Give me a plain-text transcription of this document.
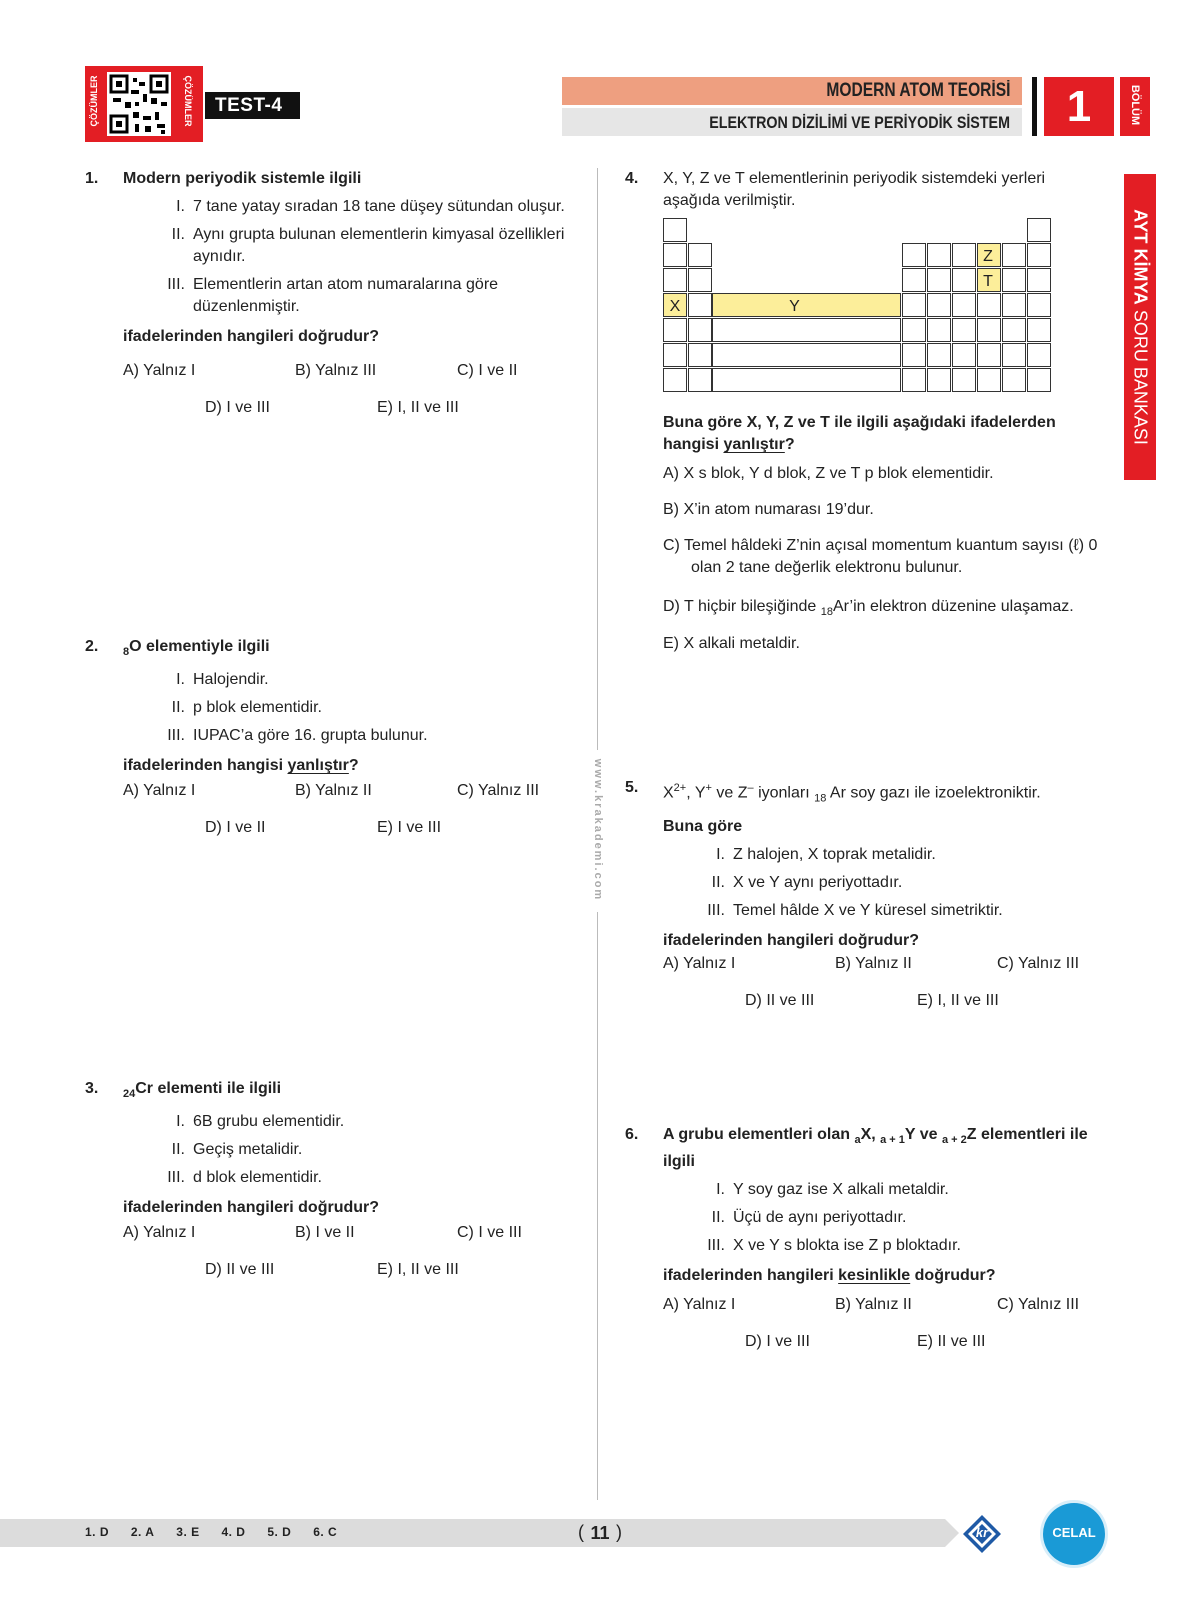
ÇÖZÜMLER	ÇÖZÜMLER	TEST-4
MODERN ATOM TEORİSİ
ELEKTRON DİZİLİMİ VE PERİYODİK SİSTEM	1	BÖLÜM
AYT KİMYA SORU BANKASI
www.krakademi.com
1. Modern periyodik sistemle ilgili
I . 7 tane yatay sıradan 18 tane düşey sütundan oluşur.
II . Aynı grupta bulunan elementlerin kimyasal özellikleri aynıdır.
III . Elementlerin artan atom numaralarına göre düzenlenmiştir.
ifadelerinden hangileri doğrudur?
A) Yalnız I	B) Yalnız III	C) I ve II
D) I ve III	E) I, II ve III
2. $_8$O elementiyle ilgili
I . Halojendir.
II . p blok elementidir.
III . IUPAC’a göre 16. grupta bulunur.
ifadelerinden hangisi yanlıştır?
A) Yalnız I	B) Yalnız II	C) Yalnız III
D) I ve II	E) I ve III
3. $_{24}$Cr elementi ile ilgili
I . 6B grubu elementidir.
II . Geçiş metalidir.
III . d blok elementidir.
ifadelerinden hangileri doğrudur?
A) Yalnız I	B) I ve II	C) I ve III
D) II ve III	E) I, II ve III
4. X, Y, Z ve T elementlerinin periyodik sistemdeki yerleri aşağıda verilmiştir.
X	Y
Z
T
Buna göre X, Y, Z ve T ile ilgili aşağıdaki ifadelerden hangisi yanlıştır?
A) X s blok, Y d blok, Z ve T p blok elementidir.
B) X’in atom numarası 19’dur.
C) Temel hâldeki Z’nin açısal momentum kuantum sayısı (ℓ) 0 olan 2 tane değerlik elektronu bulunur.
D) T hiçbir bileşiğinde $_{18}$Ar’in elektron düzenine ulaşamaz.
E) X alkali metaldir.
5. $X^{2+}$, Y+ ve Z– iyonları $_{18}$ Ar soy gazı ile izoelektroniktir.
Buna göre
I . Z halojen, X toprak metalidir.
II . X ve Y aynı periyottadır.
III . Temel hâlde X ve Y küresel simetriktir.
ifadelerinden hangileri doğrudur?
A) Yalnız I	B) Yalnız II	C) Yalnız III
D) II ve III	E) I, II ve III
6. A grubu elementleri olan $_a$X, $_{a + 1}$Y ve $_{a + 2}$Z elementleri ile ilgili
I . Y soy gaz ise X alkali metaldir.
II . Üçü de aynı periyottadır.
III . X ve Y s blokta ise Z p bloktadır.
ifadelerinden hangileri kesinlikle doğrudur?
A) Yalnız I	B) Yalnız II	C) Yalnız III
D) I ve III	E) II ve III
1. D 2. A 3. E 4. D 5. D 6. C	( 11 )	kr	CELAL
